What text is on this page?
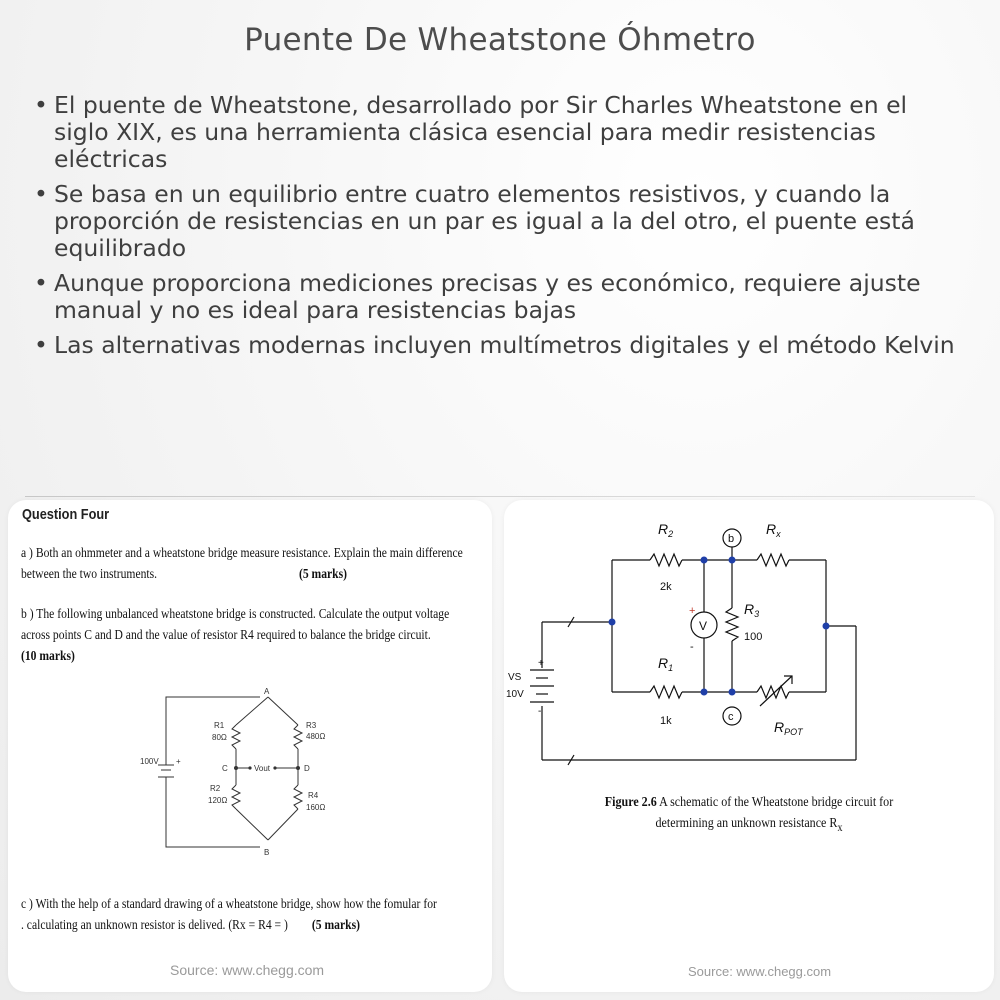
Puente De Wheatstone Óhmetro
• El puente de Wheatstone, desarrollado por Sir Charles Wheatstone en el siglo XIX, es una herramienta clásica esencial para medir resistencias eléctricas
• Se basa en un equilibrio entre cuatro elementos resistivos, y cuando la proporción de resistencias en un par es igual a la del otro, el puente está equilibrado
• Aunque proporciona mediciones precisas y es económico, requiere ajuste manual y no es ideal para resistencias bajas
• Las alternativas modernas incluyen multímetros digitales y el método Kelvin
Question Four
a ) Both an ohmmeter and a wheatstone bridge measure resistance. Explain the main difference
between the two instruments.	(5 marks)
b ) The following unbalanced wheatstone bridge is constructed. Calculate the output voltage
across points C and D and the value of resistor R4 required to balance the bridge circuit.
(10 marks)
A
B
C	D
R1
80Ω
R2
120Ω
R3
480Ω
R4
160Ω
100V +
Vout
c ) With the help of a standard drawing of a wheatstone bridge, show how the fomular for
. calculating an unknown resistor is delived. (Rx = R4 = ) (5 marks)
Source: www.chegg.com
$R_2$	$R_x$
$R_3$
$R_1$
$R_{POT}$
2k
100
1k
V
+
-
b
c
VS
10V
+
-
Figure 2.6 A schematic of the Wheatstone bridge circuit for
determining an unknown resistance $R_x$
Source: www.chegg.com
